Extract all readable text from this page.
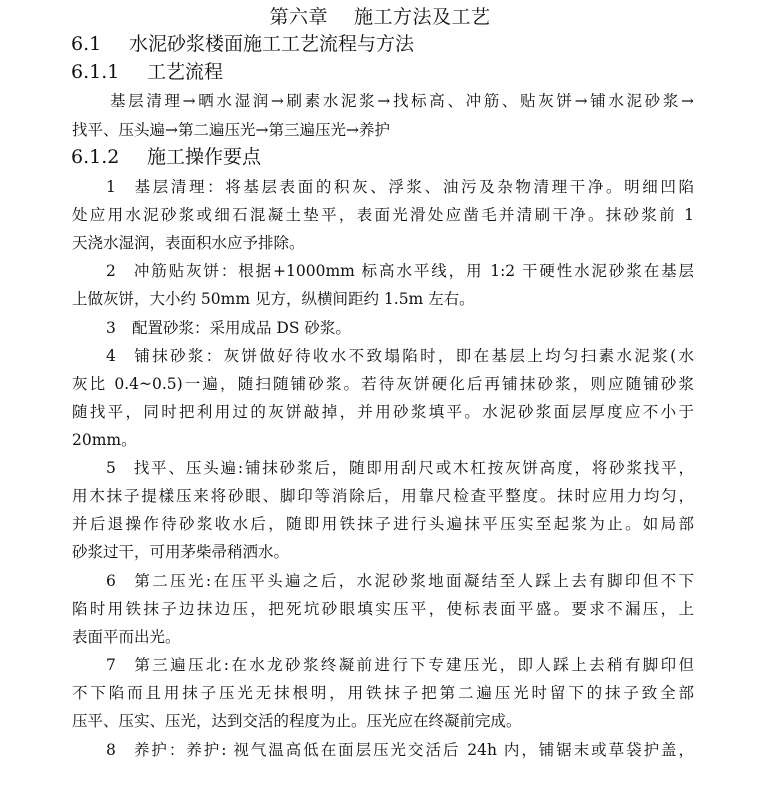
第六章 施工方法及工艺
6.1 水泥砂浆楼面施工工艺流程与方法
6.1.1 工艺流程
基层清理→晒水湿润→刷素水泥浆→找标高、冲筋、贴灰饼→铺水泥砂浆→
找平、压头遍→第二遍压光→第三遍压光→养护
6.1.2 施工操作要点
1 基层清理：将基层表面的积灰、浮浆、油污及杂物清理干净。明细凹陷
处应用水泥砂浆或细石混凝土垫平，表面光滑处应凿毛并清刷干净。抹砂浆前 1
天浇水湿润，表面积水应予排除。
2 冲筋贴灰饼：根据+1000mm 标高水平线，用 1:2 干硬性水泥砂浆在基层
上做灰饼，大小约 50mm 见方，纵横间距约 1.5m 左右。
3 配置砂浆：采用成品 DS 砂浆。
4 铺抹砂浆：灰饼做好待收水不致塌陷时，即在基层上均匀扫素水泥浆(水
灰比 0.4~0.5)一遍，随扫随铺砂浆。若待灰饼硬化后再铺抹砂浆，则应随铺砂浆
随找平，同时把利用过的灰饼敲掉，并用砂浆填平。水泥砂浆面层厚度应不小于
20mm。
5 找平、压头遍:铺抹砂浆后，随即用刮尺或木杠按灰饼高度，将砂浆找平，
用木抹子提樣压来将砂眼、脚印等消除后，用靠尺检查平整度。抹时应用力均匀，
并后退操作待砂浆收水后，随即用铁抹子进行头遍抹平压实至起浆为止。如局部
砂浆过干，可用茅柴帚稍洒水。
6 第二压光:在压平头遍之后，水泥砂浆地面凝结至人踩上去有脚印但不下
陷时用铁抹子边抹边压，把死坑砂眼填实压平，使标表面平盛。要求不漏压，上
表面平而出光。
7 第三遍压北:在水龙砂浆终凝前进行下专建压光，即人踩上去稍有脚印但
不下陷而且用抹子压光无抹根明，用铁抹子把第二遍压光时留下的抹子致全部
压平、压实、压光，达到交活的程度为止。压光应在终凝前完成。
8 养护：养护: 视气温高低在面层压光交活后 24h 内，铺锯末或草袋护盖，
